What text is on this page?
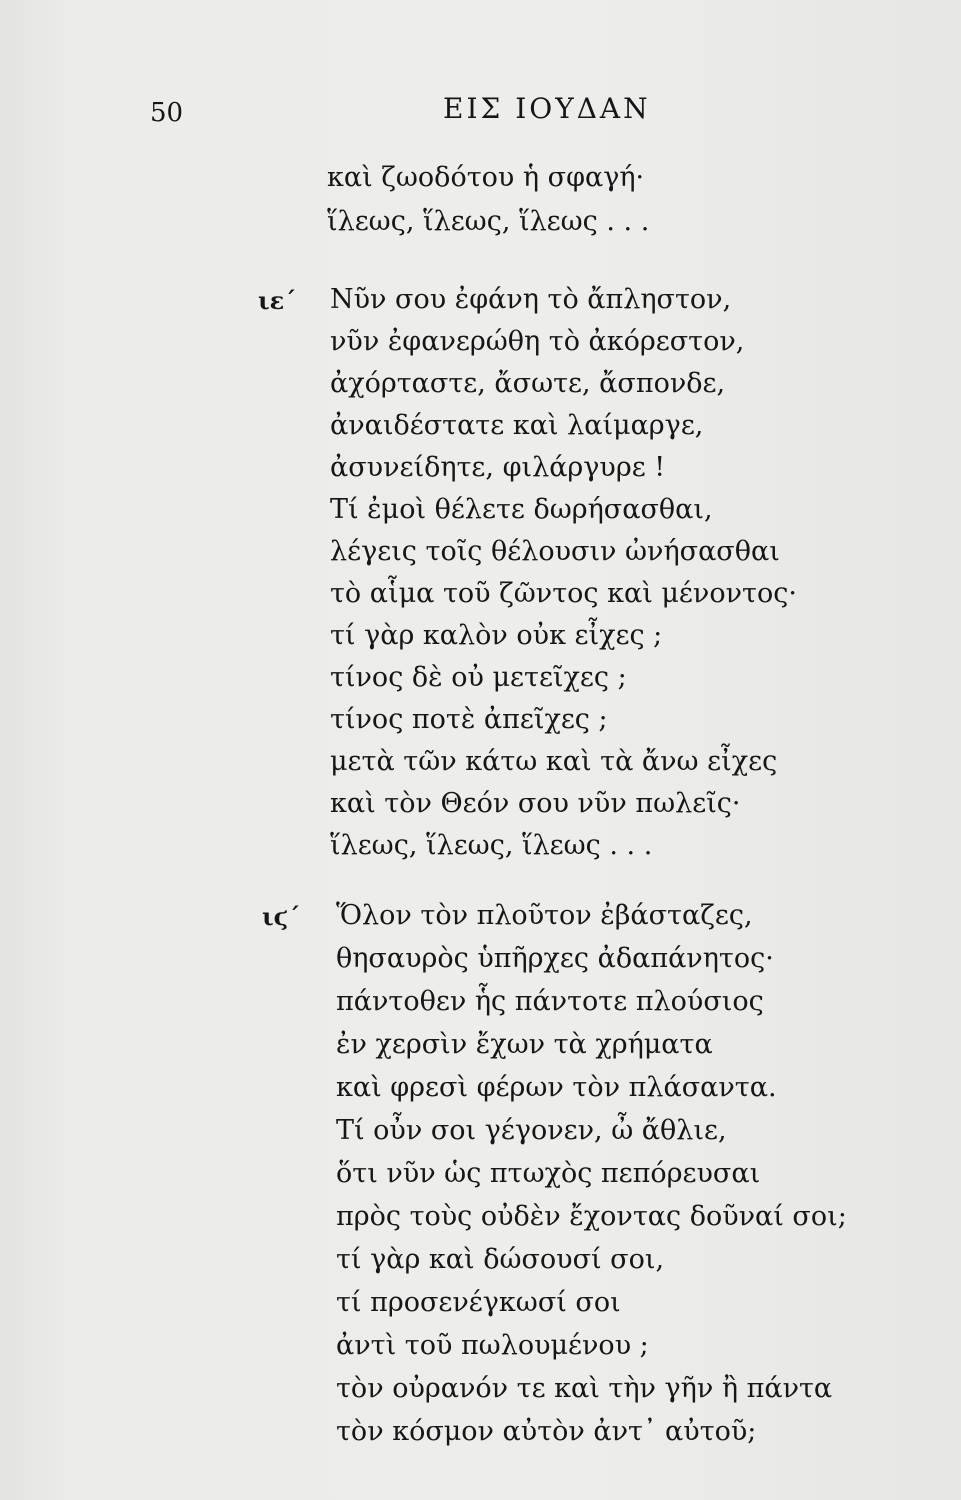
50	ΕΙΣ ΙΟΥΔΑΝ
καὶ ζωοδότου ἡ σφαγή·
ἵλεως, ἵλεως, ἵλεως . . .
ιε΄ Νῦν σου ἐφάνη τὸ ἄπληστον,
νῦν ἐφανερώθη τὸ ἀκόρεστον,
ἀχόρταστε, ἄσωτε, ἄσπονδε,
ἀναιδέστατε καὶ λαίμαργε,
ἀσυνείδητε, φιλάργυρε !
Τί ἐμοὶ θέλετε δωρήσασθαι,
λέγεις τοῖς θέλουσιν ὠνήσασθαι
τὸ αἷμα τοῦ ζῶντος καὶ μένοντος·
τί γὰρ καλὸν οὐκ εἶχες ;
τίνος δὲ οὐ μετεῖχες ;
τίνος ποτὲ ἀπεῖχες ;
μετὰ τῶν κάτω καὶ τὰ ἄνω εἶχες
καὶ τὸν Θεόν σου νῦν πωλεῖς·
ἵλεως, ἵλεως, ἵλεως . . .
ιϛ΄ Ὅλον τὸν πλοῦτον ἐβάσταζες,
θησαυρὸς ὑπῆρχες ἀδαπάνητος·
πάντοθεν ἧς πάντοτε πλούσιος
ἐν χερσὶν ἔχων τὰ χρήματα
καὶ φρεσὶ φέρων τὸν πλάσαντα.
Τί οὖν σοι γέγονεν, ὦ ἄθλιε,
ὅτι νῦν ὡς πτωχὸς πεπόρευσαι
πρὸς τοὺς οὐδὲν ἔχοντας δοῦναί σοι;
τί γὰρ καὶ δώσουσί σοι,
τί προσενέγκωσί σοι
ἀντὶ τοῦ πωλουμένου ;
τὸν οὐρανόν τε καὶ τὴν γῆν ἢ πάντα
τὸν κόσμον αὐτὸν ἀντ᾽ αὐτοῦ;
